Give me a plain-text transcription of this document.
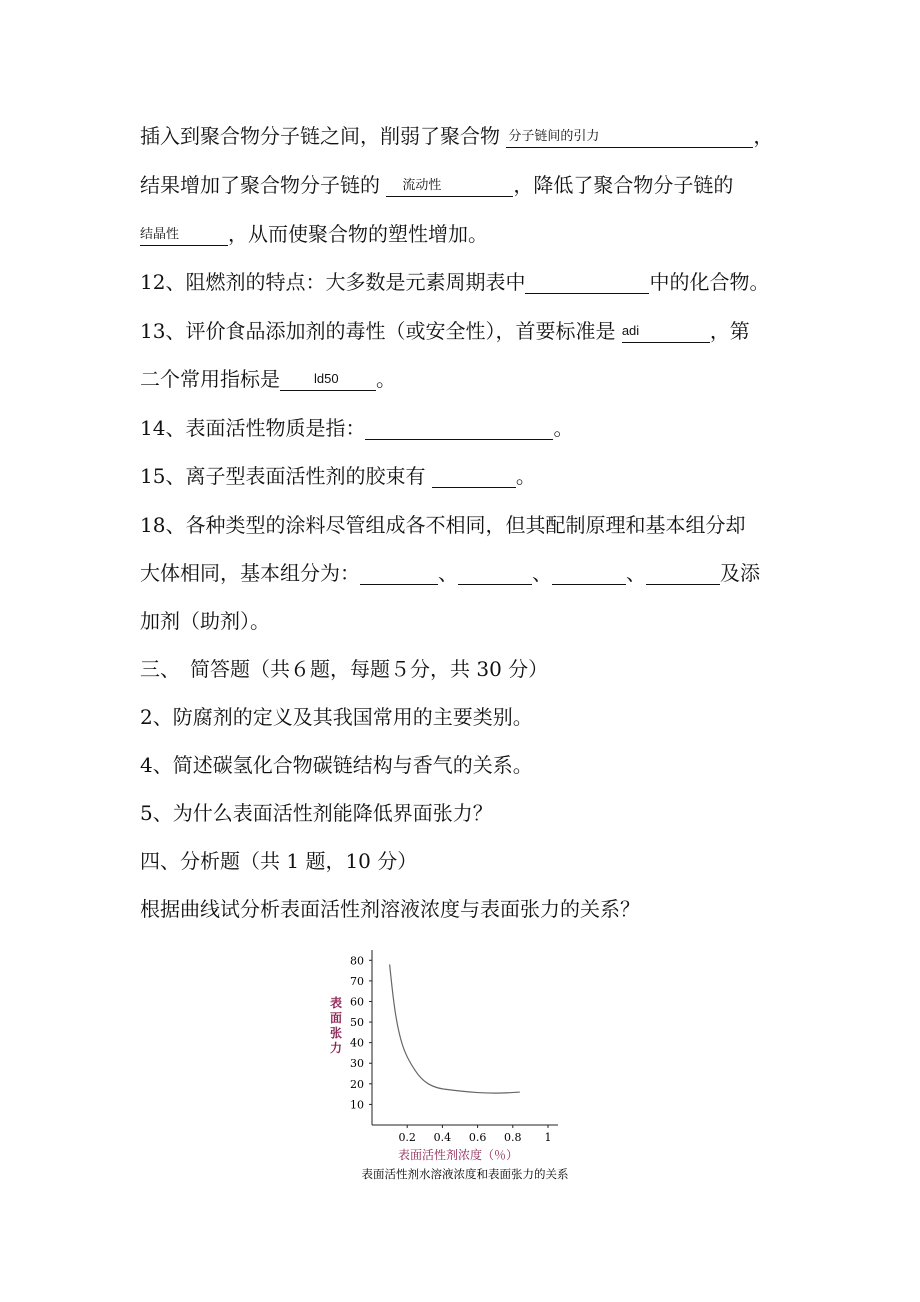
插入到聚合物分子链之间，削弱了聚合物 分子链间的引力	，
结果增加了聚合物分子链的 流动性	，降低了聚合物分子链的
结晶性 ，从而使聚合物的塑性增加。
12、阻燃剂的特点：大多数是元素周期表中	中的化合物。
13、评价食品添加剂的毒性（或安全性），首要标准是 adi	，第
二个常用指标是	ld50 。
14、表面活性物质是指：	。
15、离子型表面活性剂的胶束有	。
18、各种类型的涂料尽管组成各不相同，但其配制原理和基本组分却
大体相同，基本组分为：	、	、	、	及添
加剂（助剂）。
三、　简答题（共６题，每题５分，共 30 分）
2、防腐剂的定义及其我国常用的主要类别。
4、简述碳氢化合物碳链结构与香气的关系。
5、为什么表面活性剂能降低界面张力？
四、分析题（共 1 题，10 分）
根据曲线试分析表面活性剂溶液浓度与表面张力的关系？
80
70
60
50
40
30
20
10
0.2 0.4 0.6 0.8 1
表面张力
表面活性剂浓度（％）
表面活性剂水溶液浓度和表面张力的关系
